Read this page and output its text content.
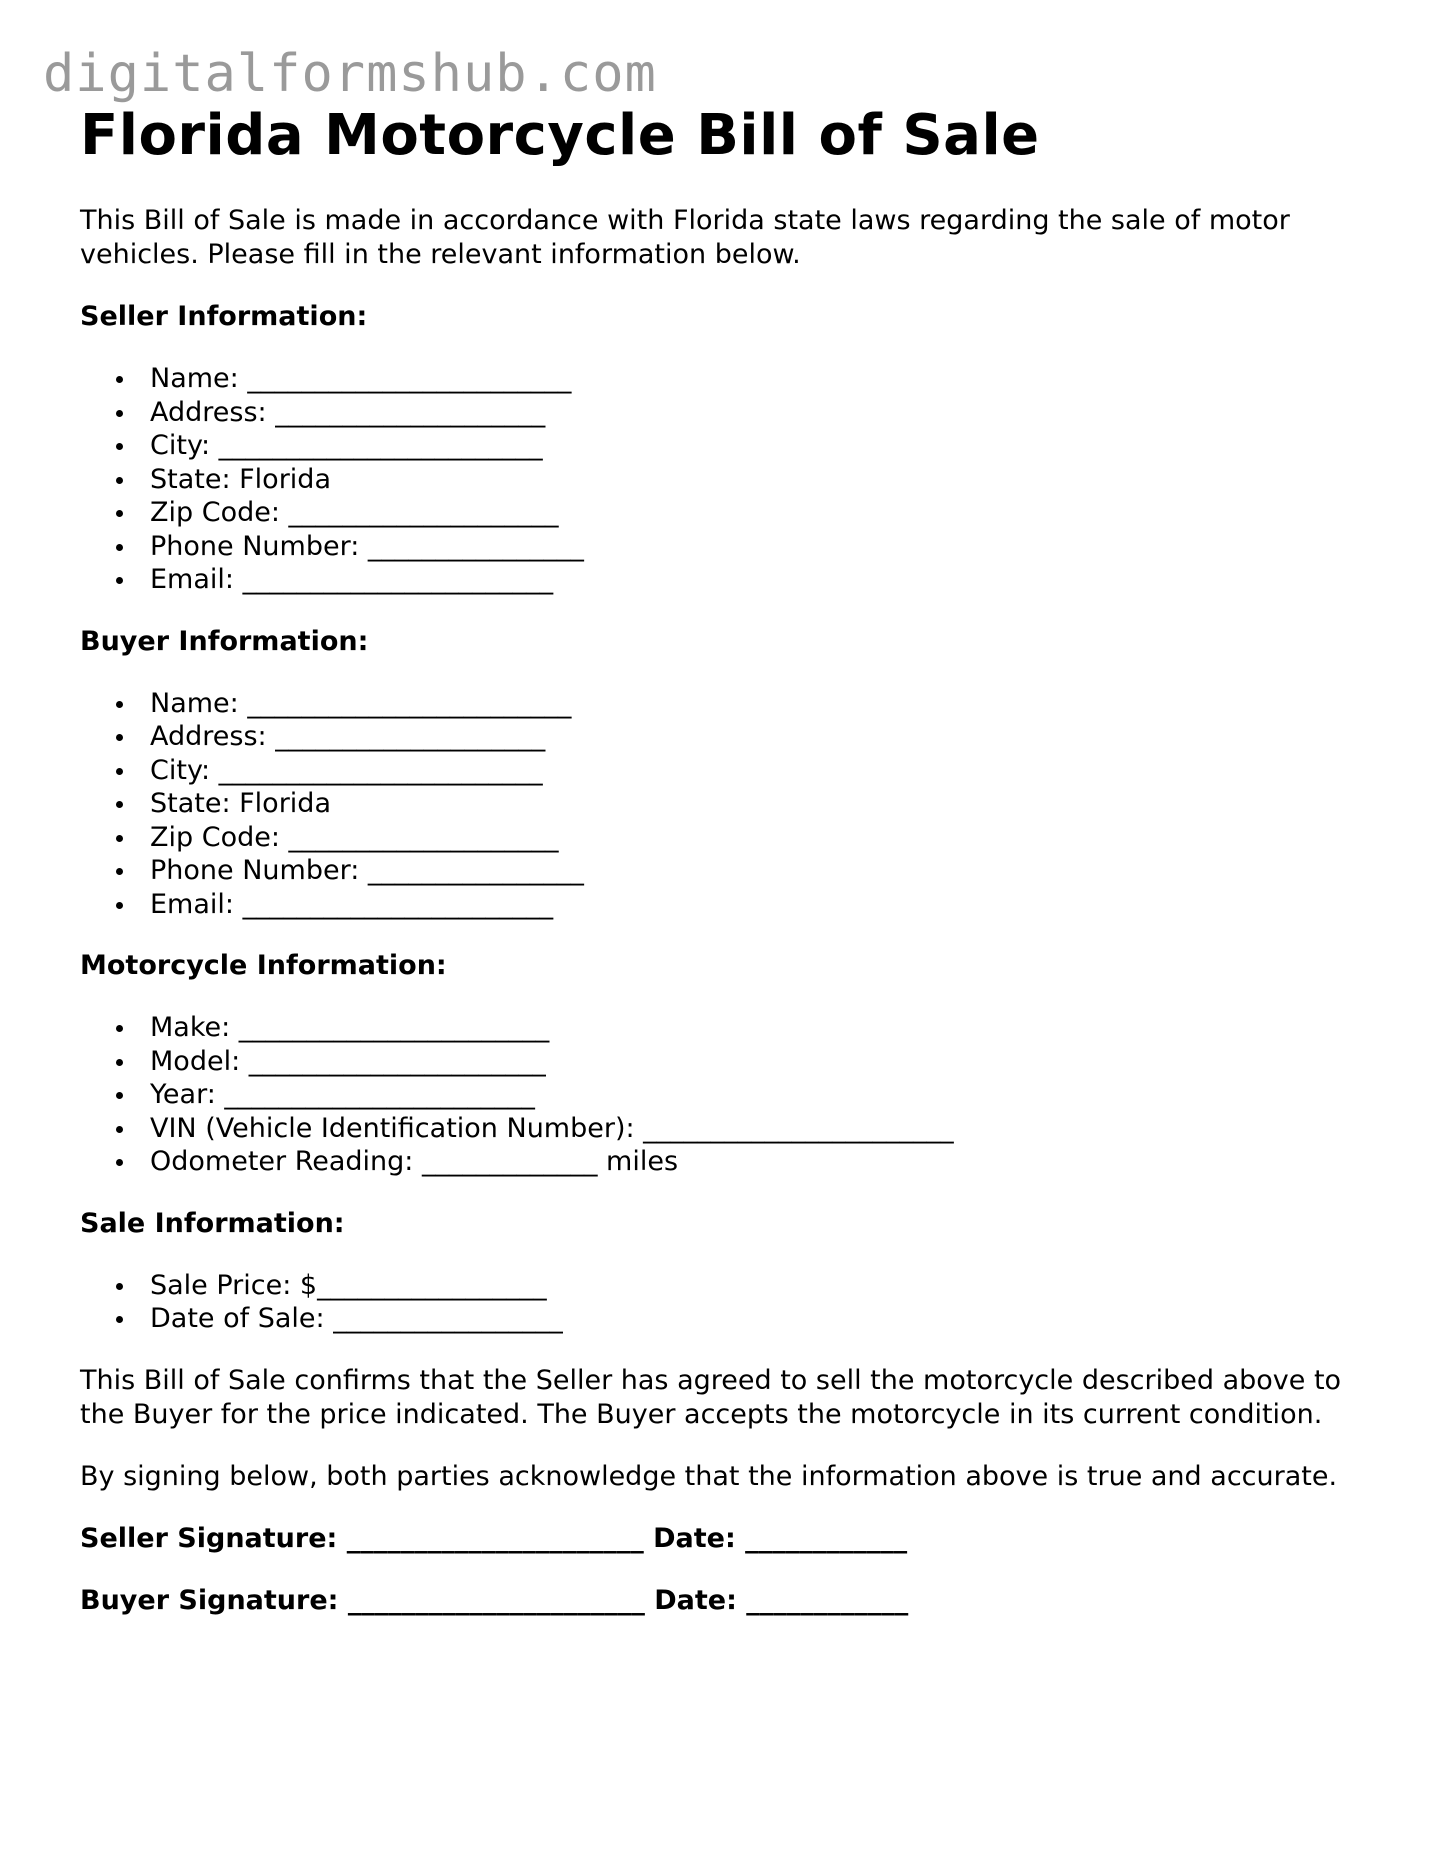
digitalformshub.com
Florida Motorcycle Bill of Sale

This Bill of Sale is made in accordance with Florida state laws regarding the sale of motor vehicles. Please fill in the relevant information below.

Seller Information:
Name: ________________________
Address: ____________________
City: ________________________
State: Florida
Zip Code: ____________________
Phone Number: ________________
Email: _______________________
Buyer Information:
Name: ________________________
Address: ____________________
City: ________________________
State: Florida
Zip Code: ____________________
Phone Number: ________________
Email: _______________________
Motorcycle Information:
Make: _______________________
Model: ______________________
Year: _______________________
VIN (Vehicle Identification Number): _______________________
Odometer Reading: _____________ miles
Sale Information:
Sale Price: $_________________
Date of Sale: _________________

This Bill of Sale confirms that the Seller has agreed to sell the motorcycle described above to the Buyer for the price indicated. The Buyer accepts the motorcycle in its current condition.

By signing below, both parties acknowledge that the information above is true and accurate.

Seller Signature: ______________________ Date: ____________
Buyer Signature: ______________________ Date: ____________
